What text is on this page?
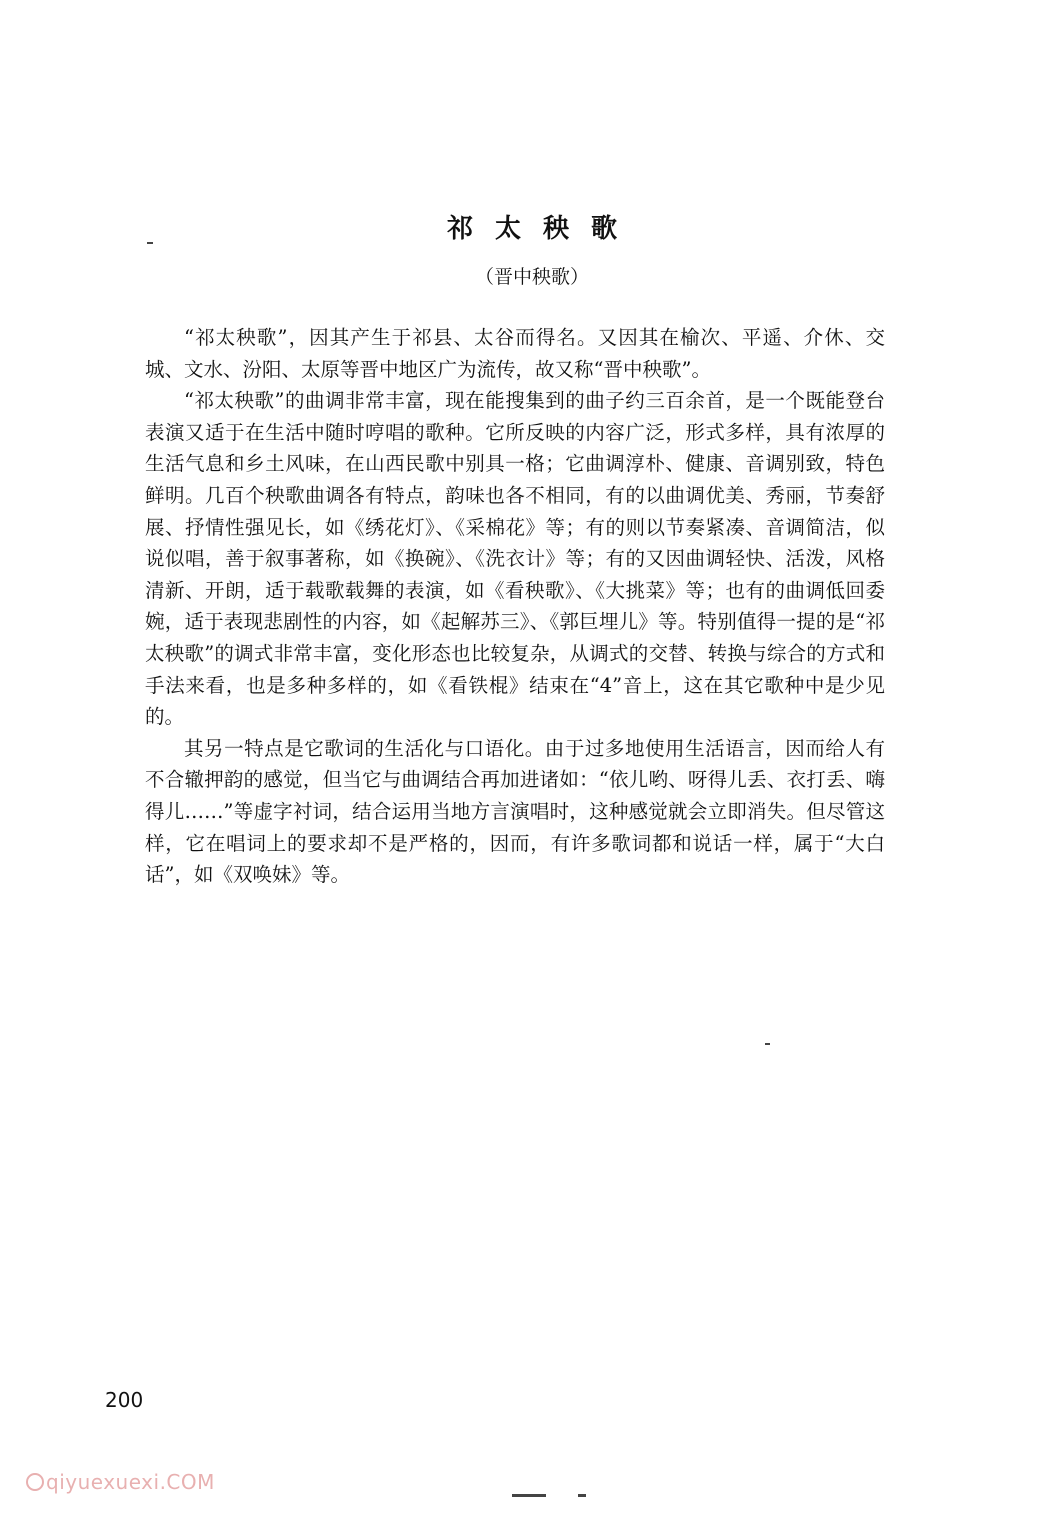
祁太秧歌
（晋中秧歌）

“祁太秧歌”，因其产生于祁县、太谷而得名。又因其在榆次、平遥、介休、交城、文水、汾阳、太原等晋中地区广为流传，故又称“晋中秧歌”。

“祁太秧歌”的曲调非常丰富，现在能搜集到的曲子约三百余首，是一个既能登台表演又适于在生活中随时哼唱的歌种。它所反映的内容广泛，形式多样，具有浓厚的生活气息和乡土风味，在山西民歌中别具一格；它曲调淳朴、健康、音调别致，特色鲜明。几百个秧歌曲调各有特点，韵味也各不相同，有的以曲调优美、秀丽，节奏舒展、抒情性强见长，如《绣花灯》、《采棉花》等；有的则以节奏紧凑、音调简洁，似说似唱，善于叙事著称，如《换碗》、《洗衣计》等；有的又因曲调轻快、活泼，风格清新、开朗，适于载歌载舞的表演，如《看秧歌》、《大挑菜》等；也有的曲调低回委婉，适于表现悲剧性的内容，如《起解苏三》、《郭巨埋儿》等。特别值得一提的是“祁太秧歌”的调式非常丰富，变化形态也比较复杂，从调式的交替、转换与综合的方式和手法来看，也是多种多样的，如《看铁棍》结束在“4”音上，这在其它歌种中是少见的。

其另一特点是它歌词的生活化与口语化。由于过多地使用生活语言，因而给人有不合辙押韵的感觉，但当它与曲调结合再加进诸如：“依儿哟、呀得儿丢、衣打丢、嗨得儿……”等虚字衬词，结合运用当地方言演唱时，这种感觉就会立即消失。但尽管这样，它在唱词上的要求却不是严格的，因而，有许多歌词都和说话一样，属于“大白话”，如《双唤妹》等。

200
qiyuexuexi.COM
